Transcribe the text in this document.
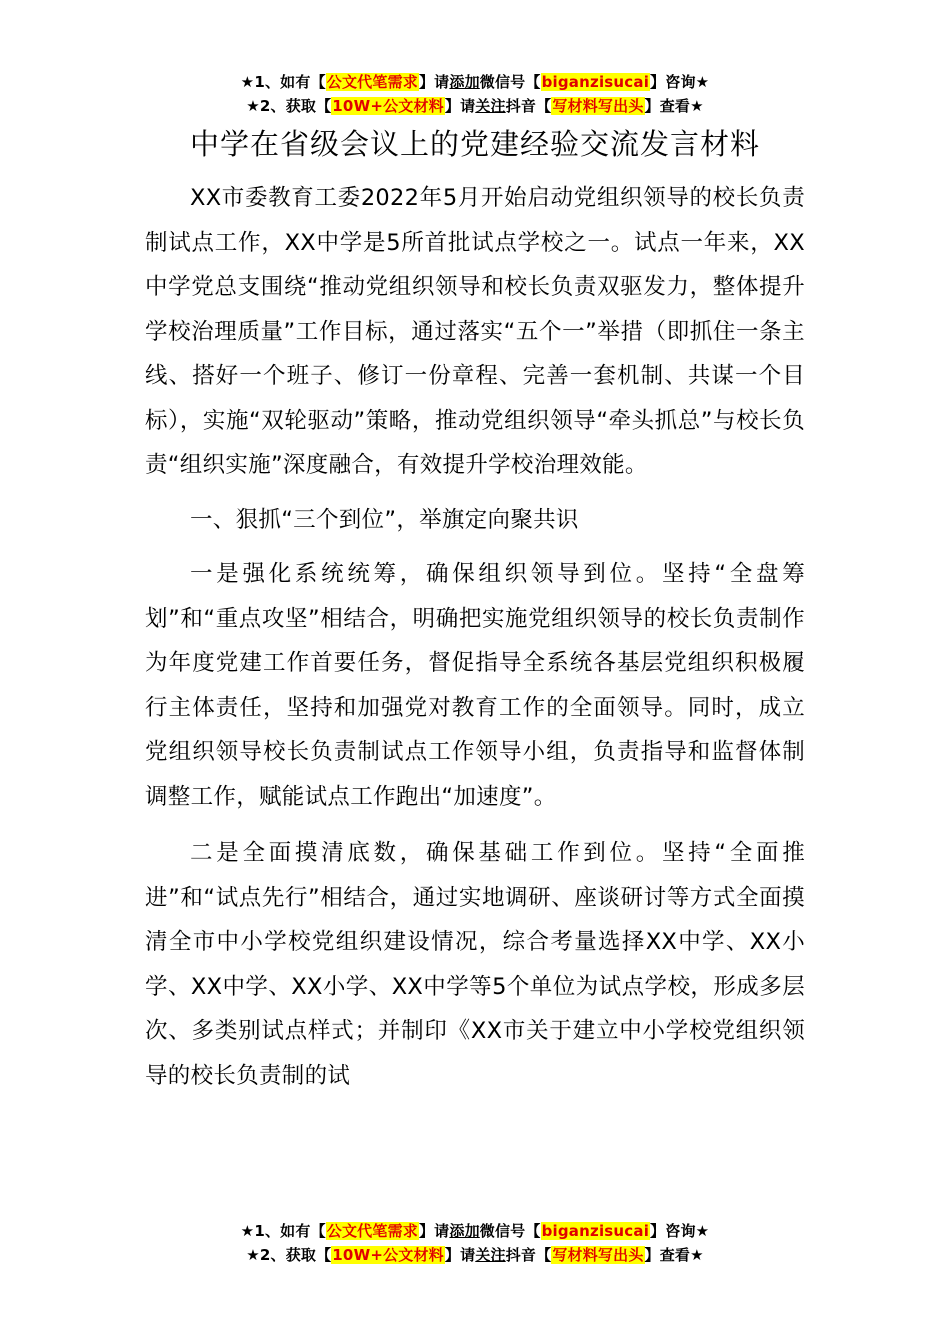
★1、如有【公文代笔需求】请添加微信号【biganzisucai】咨询★
★2、获取【10W+公文材料】请关注抖音【写材料写出头】查看★
中学在省级会议上的党建经验交流发言材料

XX市委教育工委2022年5月开始启动党组织领导的校长负责制试点工作，XX中学是5所首批试点学校之一。试点一年来，XX中学党总支围绕“推动党组织领导和校长负责双驱发力，整体提升学校治理质量”工作目标，通过落实“五个一”举措（即抓住一条主线、搭好一个班子、修订一份章程、完善一套机制、共谋一个目标），实施“双轮驱动”策略，推动党组织领导“牵头抓总”与校长负责“组织实施”深度融合，有效提升学校治理效能。

一、狠抓“三个到位”，举旗定向聚共识

一是强化系统统筹，确保组织领导到位。坚持“全盘筹划”和“重点攻坚”相结合，明确把实施党组织领导的校长负责制作为年度党建工作首要任务，督促指导全系统各基层党组织积极履行主体责任，坚持和加强党对教育工作的全面领导。同时，成立党组织领导校长负责制试点工作领导小组，负责指导和监督体制调整工作，赋能试点工作跑出“加速度”。

二是全面摸清底数，确保基础工作到位。坚持“全面推进”和“试点先行”相结合，通过实地调研、座谈研讨等方式全面摸清全市中小学校党组织建设情况，综合考量选择XX中学、XX小学、XX中学、XX小学、XX中学等5个单位为试点学校，形成多层次、多类别试点样式；并制印《XX市关于建立中小学校党组织领导的校长负责制的试

★1、如有【公文代笔需求】请添加微信号【biganzisucai】咨询★
★2、获取【10W+公文材料】请关注抖音【写材料写出头】查看★
